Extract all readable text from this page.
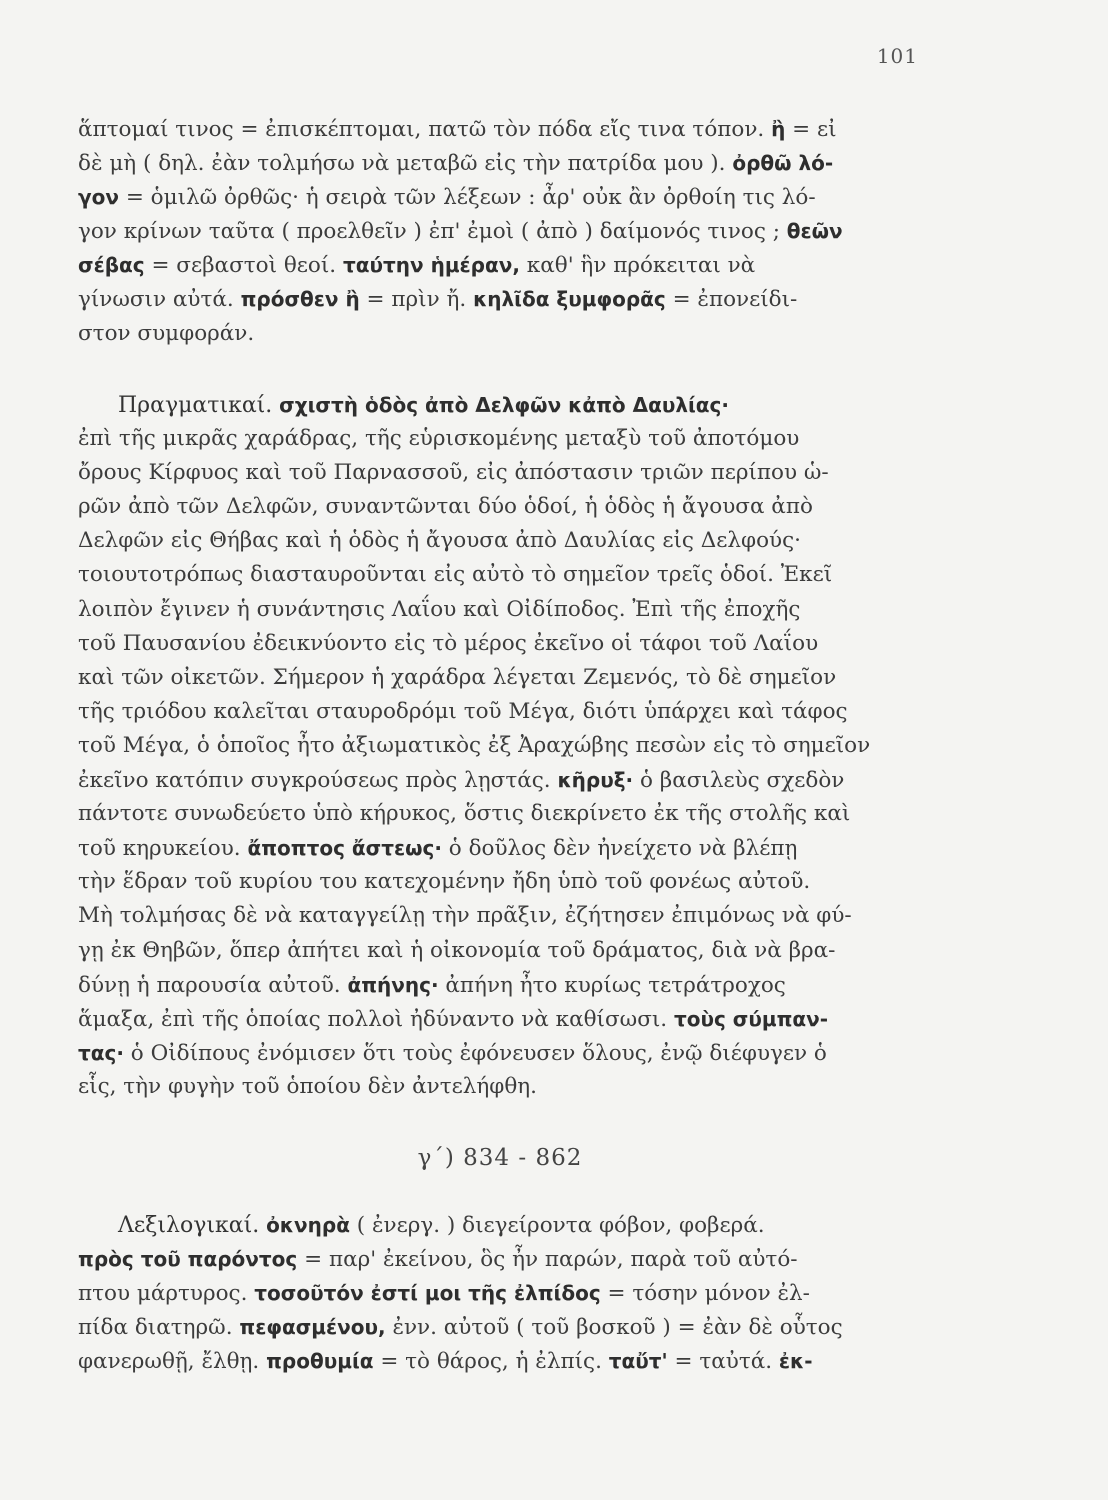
101
ἅπτομαί τινος = ἐπισκέπτομαι, πατῶ τὸν πόδα εἴς τινα τόπον. ἢ = εἰ
δὲ μὴ ( δηλ. ἐὰν τολμήσω νὰ μεταβῶ εἰς τὴν πατρίδα μου ). ὀρθῶ λό-
γον = ὁμιλῶ ὀρθῶς· ἡ σειρὰ τῶν λέξεων : ἆρ' οὐκ ἂν ὀρθοίη τις λό-
γον κρίνων ταῦτα ( προελθεῖν ) ἐπ' ἐμοὶ ( ἀπὸ ) δαίμονός τινος ; θεῶν
σέβας = σεβαστοὶ θεοί. ταύτην ἡμέραν, καθ' ἣν πρόκειται νὰ
γίνωσιν αὐτά. πρόσθεν ἢ = πρὶν ἤ. κηλῖδα ξυμφορᾶς = ἐπονείδι-
στον συμφοράν.
Πραγματικαί. σχιστὴ ὁδὸς ἀπὸ Δελφῶν κἀπὸ Δαυλίας·
ἐπὶ τῆς μικρᾶς χαράδρας, τῆς εὑρισκομένης μεταξὺ τοῦ ἀποτόμου
ὄρους Κίρφυος καὶ τοῦ Παρνασσοῦ, εἰς ἀπόστασιν τριῶν περίπου ὡ-
ρῶν ἀπὸ τῶν Δελφῶν, συναντῶνται δύο ὁδοί, ἡ ὁδὸς ἡ ἄγουσα ἀπὸ
Δελφῶν εἰς Θήβας καὶ ἡ ὁδὸς ἡ ἄγουσα ἀπὸ Δαυλίας εἰς Δελφούς·
τοιουτοτρόπως διασταυροῦνται εἰς αὐτὸ τὸ σημεῖον τρεῖς ὁδοί. Ἐκεῖ
λοιπὸν ἔγινεν ἡ συνάντησις Λαΐου καὶ Οἰδίποδος. Ἐπὶ τῆς ἐποχῆς
τοῦ Παυσανίου ἐδεικνύοντο εἰς τὸ μέρος ἐκεῖνο οἱ τάφοι τοῦ Λαΐου
καὶ τῶν οἰκετῶν. Σήμερον ἡ χαράδρα λέγεται Ζεμενός, τὸ δὲ σημεῖον
τῆς τριόδου καλεῖται σταυροδρόμι τοῦ Μέγα, διότι ὑπάρχει καὶ τάφος
τοῦ Μέγα, ὁ ὁποῖος ἦτο ἀξιωματικὸς ἐξ Ἀραχώβης πεσὼν εἰς τὸ σημεῖον
ἐκεῖνο κατόπιν συγκρούσεως πρὸς λῃστάς. κῆρυξ· ὁ βασιλεὺς σχεδὸν
πάντοτε συνωδεύετο ὑπὸ κήρυκος, ὅστις διεκρίνετο ἐκ τῆς στολῆς καὶ
τοῦ κηρυκείου. ἄποπτος ἄστεως· ὁ δοῦλος δὲν ἠνείχετο νὰ βλέπῃ
τὴν ἕδραν τοῦ κυρίου του κατεχομένην ἤδη ὑπὸ τοῦ φονέως αὐτοῦ.
Μὴ τολμήσας δὲ νὰ καταγγείλῃ τὴν πρᾶξιν, ἐζήτησεν ἐπιμόνως νὰ φύ-
γῃ ἐκ Θηβῶν, ὅπερ ἀπήτει καὶ ἡ οἰκονομία τοῦ δράματος, διὰ νὰ βρα-
δύνῃ ἡ παρουσία αὐτοῦ. ἀπήνης· ἀπήνη ἦτο κυρίως τετράτροχος
ἅμαξα, ἐπὶ τῆς ὁποίας πολλοὶ ἠδύναντο νὰ καθίσωσι. τοὺς σύμπαν-
τας· ὁ Οἰδίπους ἐνόμισεν ὅτι τοὺς ἐφόνευσεν ὅλους, ἐνῷ διέφυγεν ὁ
εἷς, τὴν φυγὴν τοῦ ὁποίου δὲν ἀντελήφθη.
γ΄) 834 - 862
Λεξιλογικαί. ὀκνηρὰ ( ἐνεργ. ) διεγείροντα φόβον, φοβερά.
πρὸς τοῦ παρόντος = παρ' ἐκείνου, ὃς ἦν παρών, παρὰ τοῦ αὐτό-
πτου μάρτυρος. τοσοῦτόν ἐστί μοι τῆς ἐλπίδος = τόσην μόνον ἐλ-
πίδα διατηρῶ. πεφασμένου, ἐνν. αὐτοῦ ( τοῦ βοσκοῦ ) = ἐὰν δὲ οὗτος
φανερωθῇ, ἔλθῃ. προθυμία = τὸ θάρος, ἡ ἐλπίς. ταὔτ' = ταὐτά. ἐκ-
